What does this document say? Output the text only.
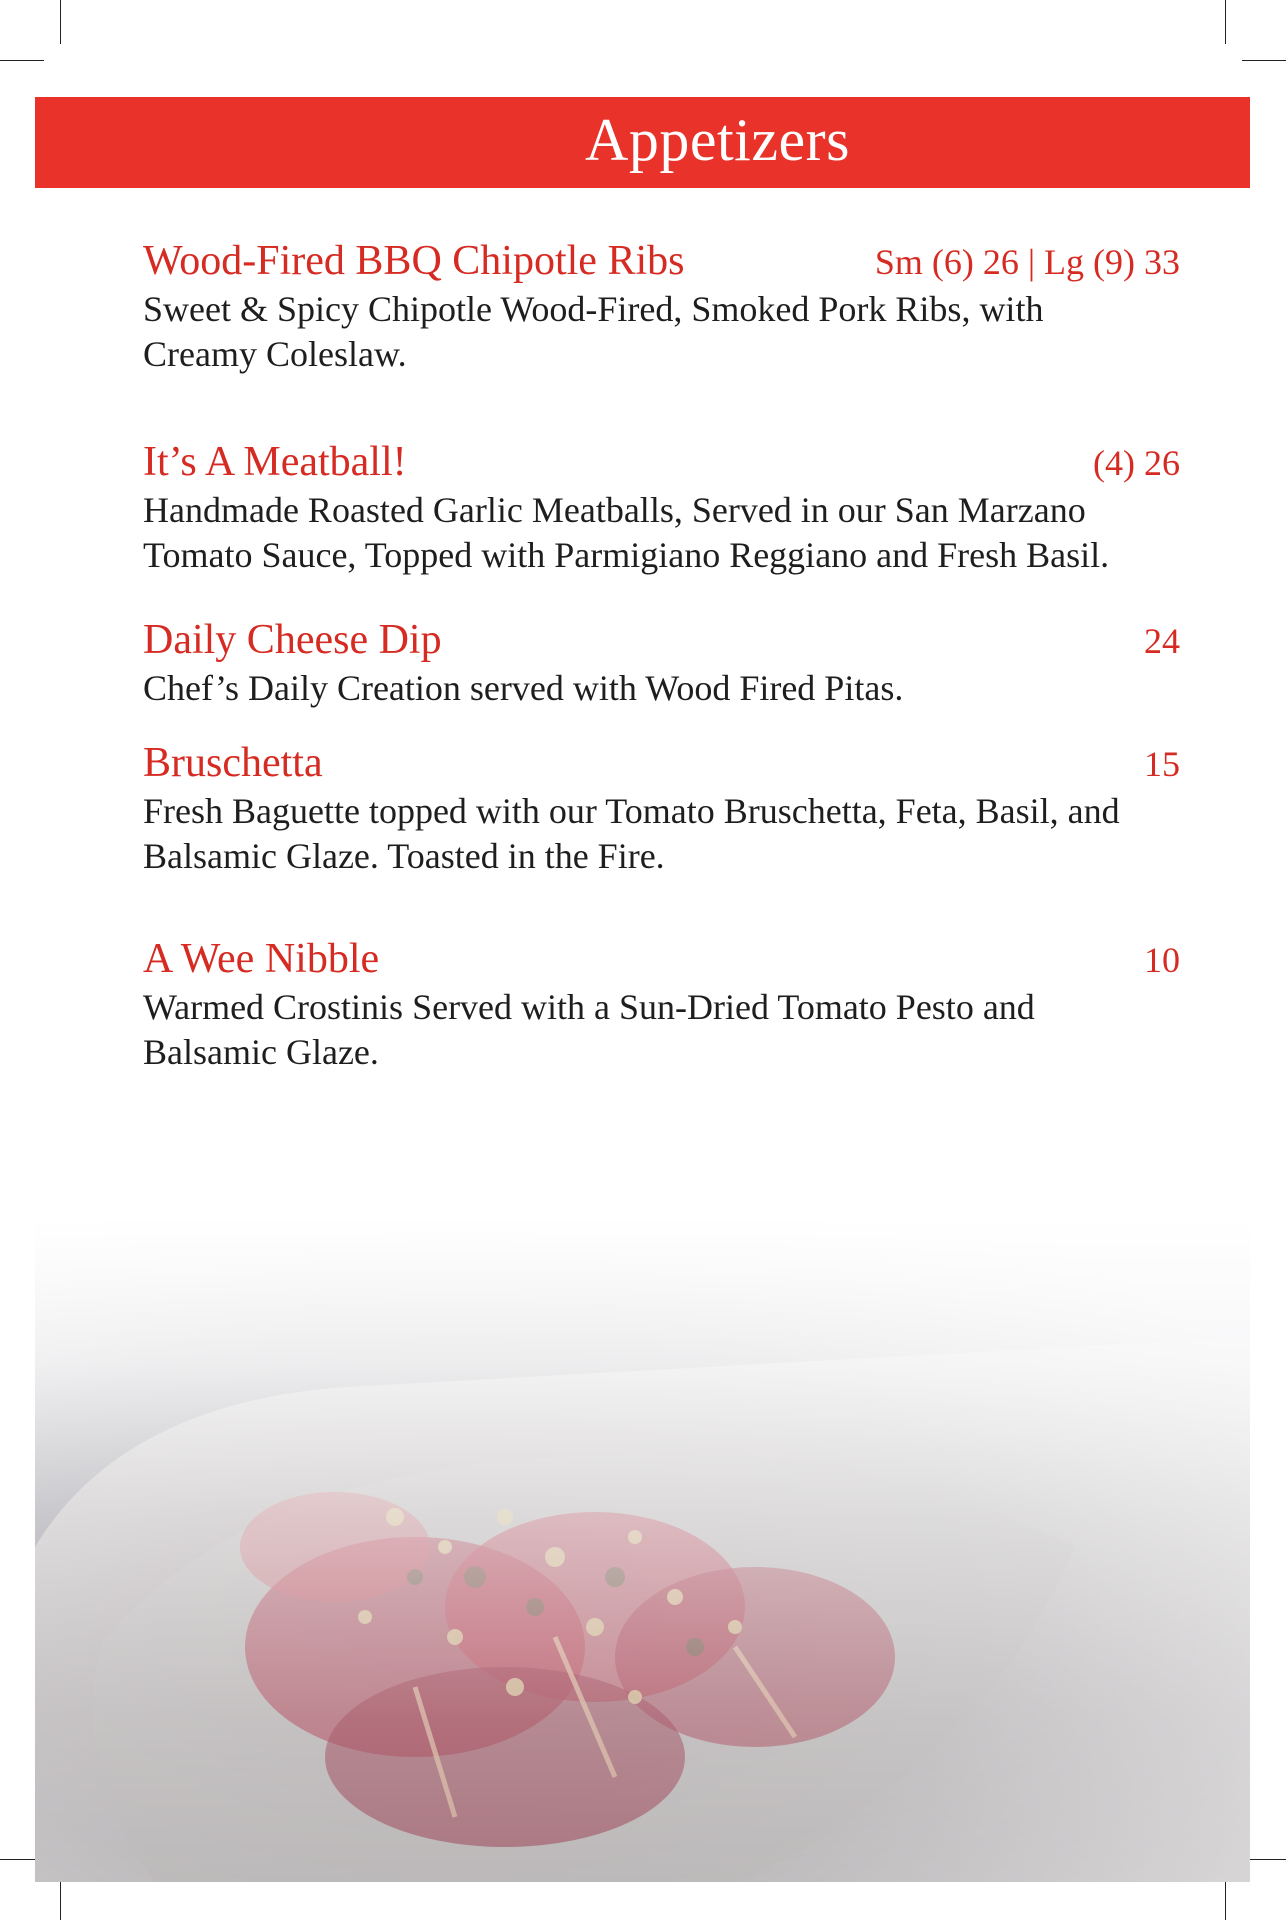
Appetizers
Wood-Fired BBQ Chipotle Ribs	Sm (6) 26 | Lg (9) 33

Sweet & Spicy Chipotle Wood-Fired, Smoked Pork Ribs, with Creamy Coleslaw.

It’s A Meatball!	(4) 26

Handmade Roasted Garlic Meatballs, Served in our San Marzano Tomato Sauce, Topped with Parmigiano Reggiano and Fresh Basil.

Daily Cheese Dip	24

Chef’s Daily Creation served with Wood Fired Pitas.

Bruschetta	15

Fresh Baguette topped with our Tomato Bruschetta, Feta, Basil, and Balsamic Glaze. Toasted in the Fire.

A Wee Nibble	10

Warmed Crostinis Served with a Sun-Dried Tomato Pesto and Balsamic Glaze.
